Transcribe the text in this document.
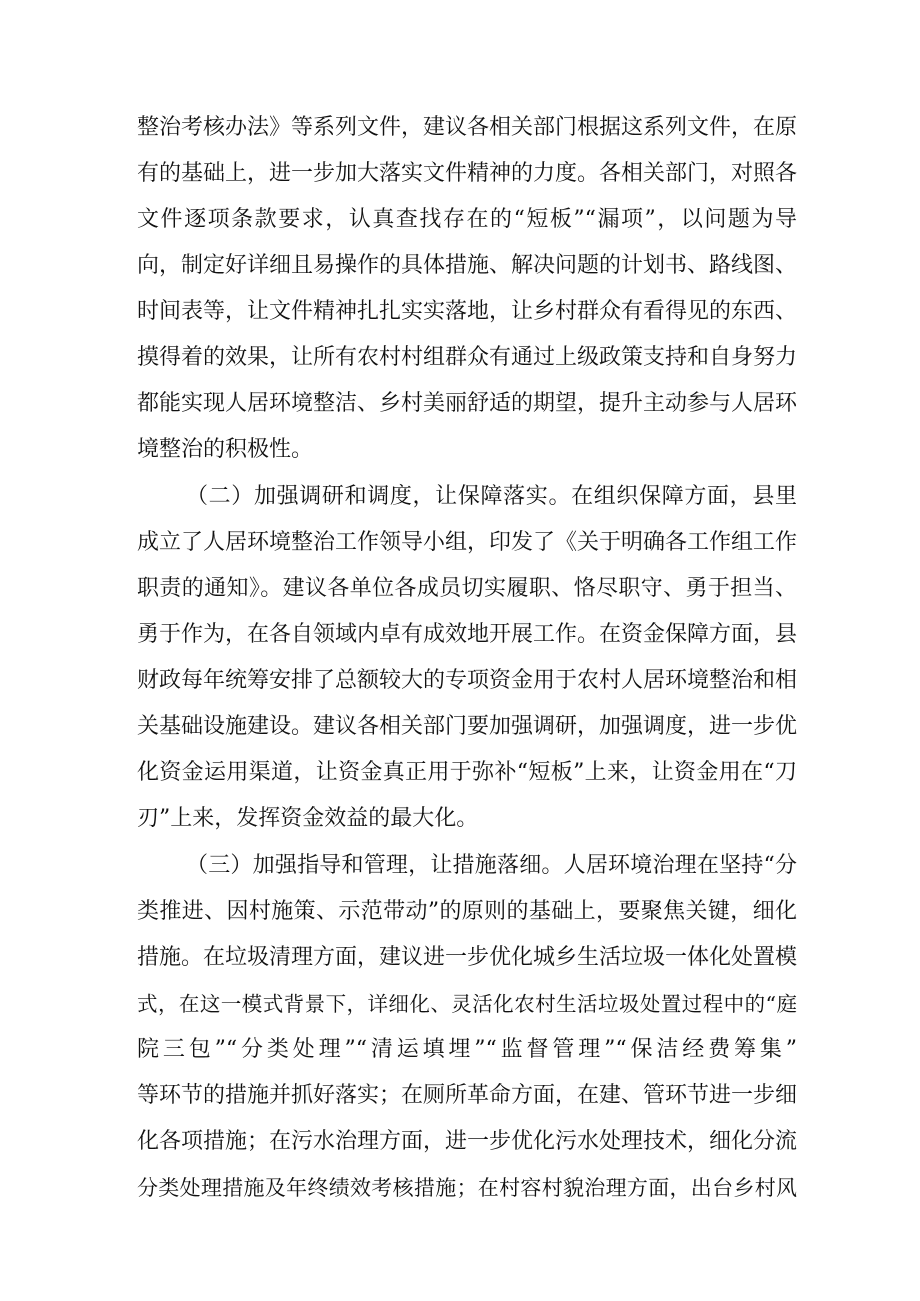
整治考核办法》等系列文件，建议各相关部门根据这系列文件，在原
有的基础上，进一步加大落实文件精神的力度。各相关部门，对照各
文件逐项条款要求，认真查找存在的“短板”“漏项”，以问题为导
向，制定好详细且易操作的具体措施、解决问题的计划书、路线图、
时间表等，让文件精神扎扎实实落地，让乡村群众有看得见的东西、
摸得着的效果，让所有农村村组群众有通过上级政策支持和自身努力
都能实现人居环境整洁、乡村美丽舒适的期望，提升主动参与人居环
境整治的积极性。
（二）加强调研和调度，让保障落实。在组织保障方面，县里
成立了人居环境整治工作领导小组，印发了《关于明确各工作组工作
职责的通知》。建议各单位各成员切实履职、恪尽职守、勇于担当、
勇于作为，在各自领域内卓有成效地开展工作。在资金保障方面，县
财政每年统筹安排了总额较大的专项资金用于农村人居环境整治和相
关基础设施建设。建议各相关部门要加强调研，加强调度，进一步优
化资金运用渠道，让资金真正用于弥补“短板”上来，让资金用在“刀
刃”上来，发挥资金效益的最大化。
（三）加强指导和管理，让措施落细。人居环境治理在坚持“分
类推进、因村施策、示范带动”的原则的基础上，要聚焦关键，细化
措施。在垃圾清理方面，建议进一步优化城乡生活垃圾一体化处置模
式，在这一模式背景下，详细化、灵活化农村生活垃圾处置过程中的“庭
院三包”“分类处理”“清运填埋”“监督管理”“保洁经费筹集”
等环节的措施并抓好落实；在厕所革命方面，在建、管环节进一步细
化各项措施；在污水治理方面，进一步优化污水处理技术，细化分流
分类处理措施及年终绩效考核措施；在村容村貌治理方面，出台乡村风
